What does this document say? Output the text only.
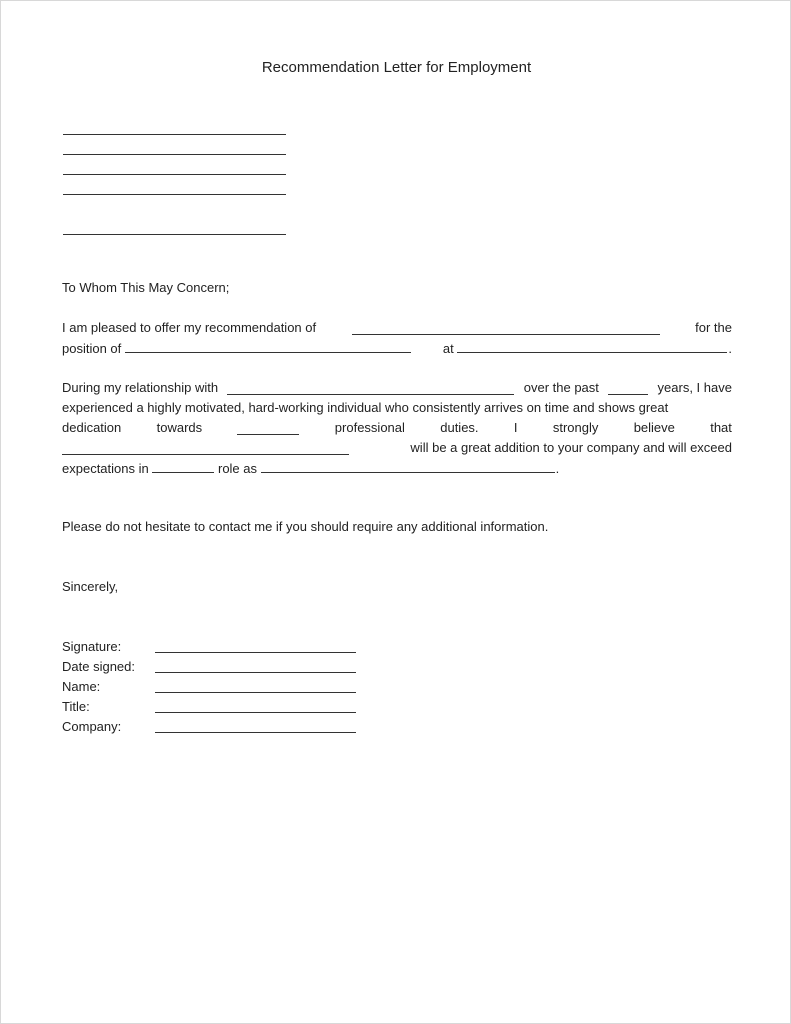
Recommendation Letter for Employment
To Whom This May Concern;
I am pleased to offer my recommendation of	for the
position of	at	.
During my relationship with	over the past	years, I have
experienced a highly motivated, hard-working individual who consistently arrives on time and shows great
dedication	towards	professional	duties.	I	strongly	believe	that
will be a great addition to your company and will exceed
expectations in	role as	.
Please do not hesitate to contact me if you should require any additional information.
Sincerely,
Signature:
Date signed:
Name:
Title:
Company:
